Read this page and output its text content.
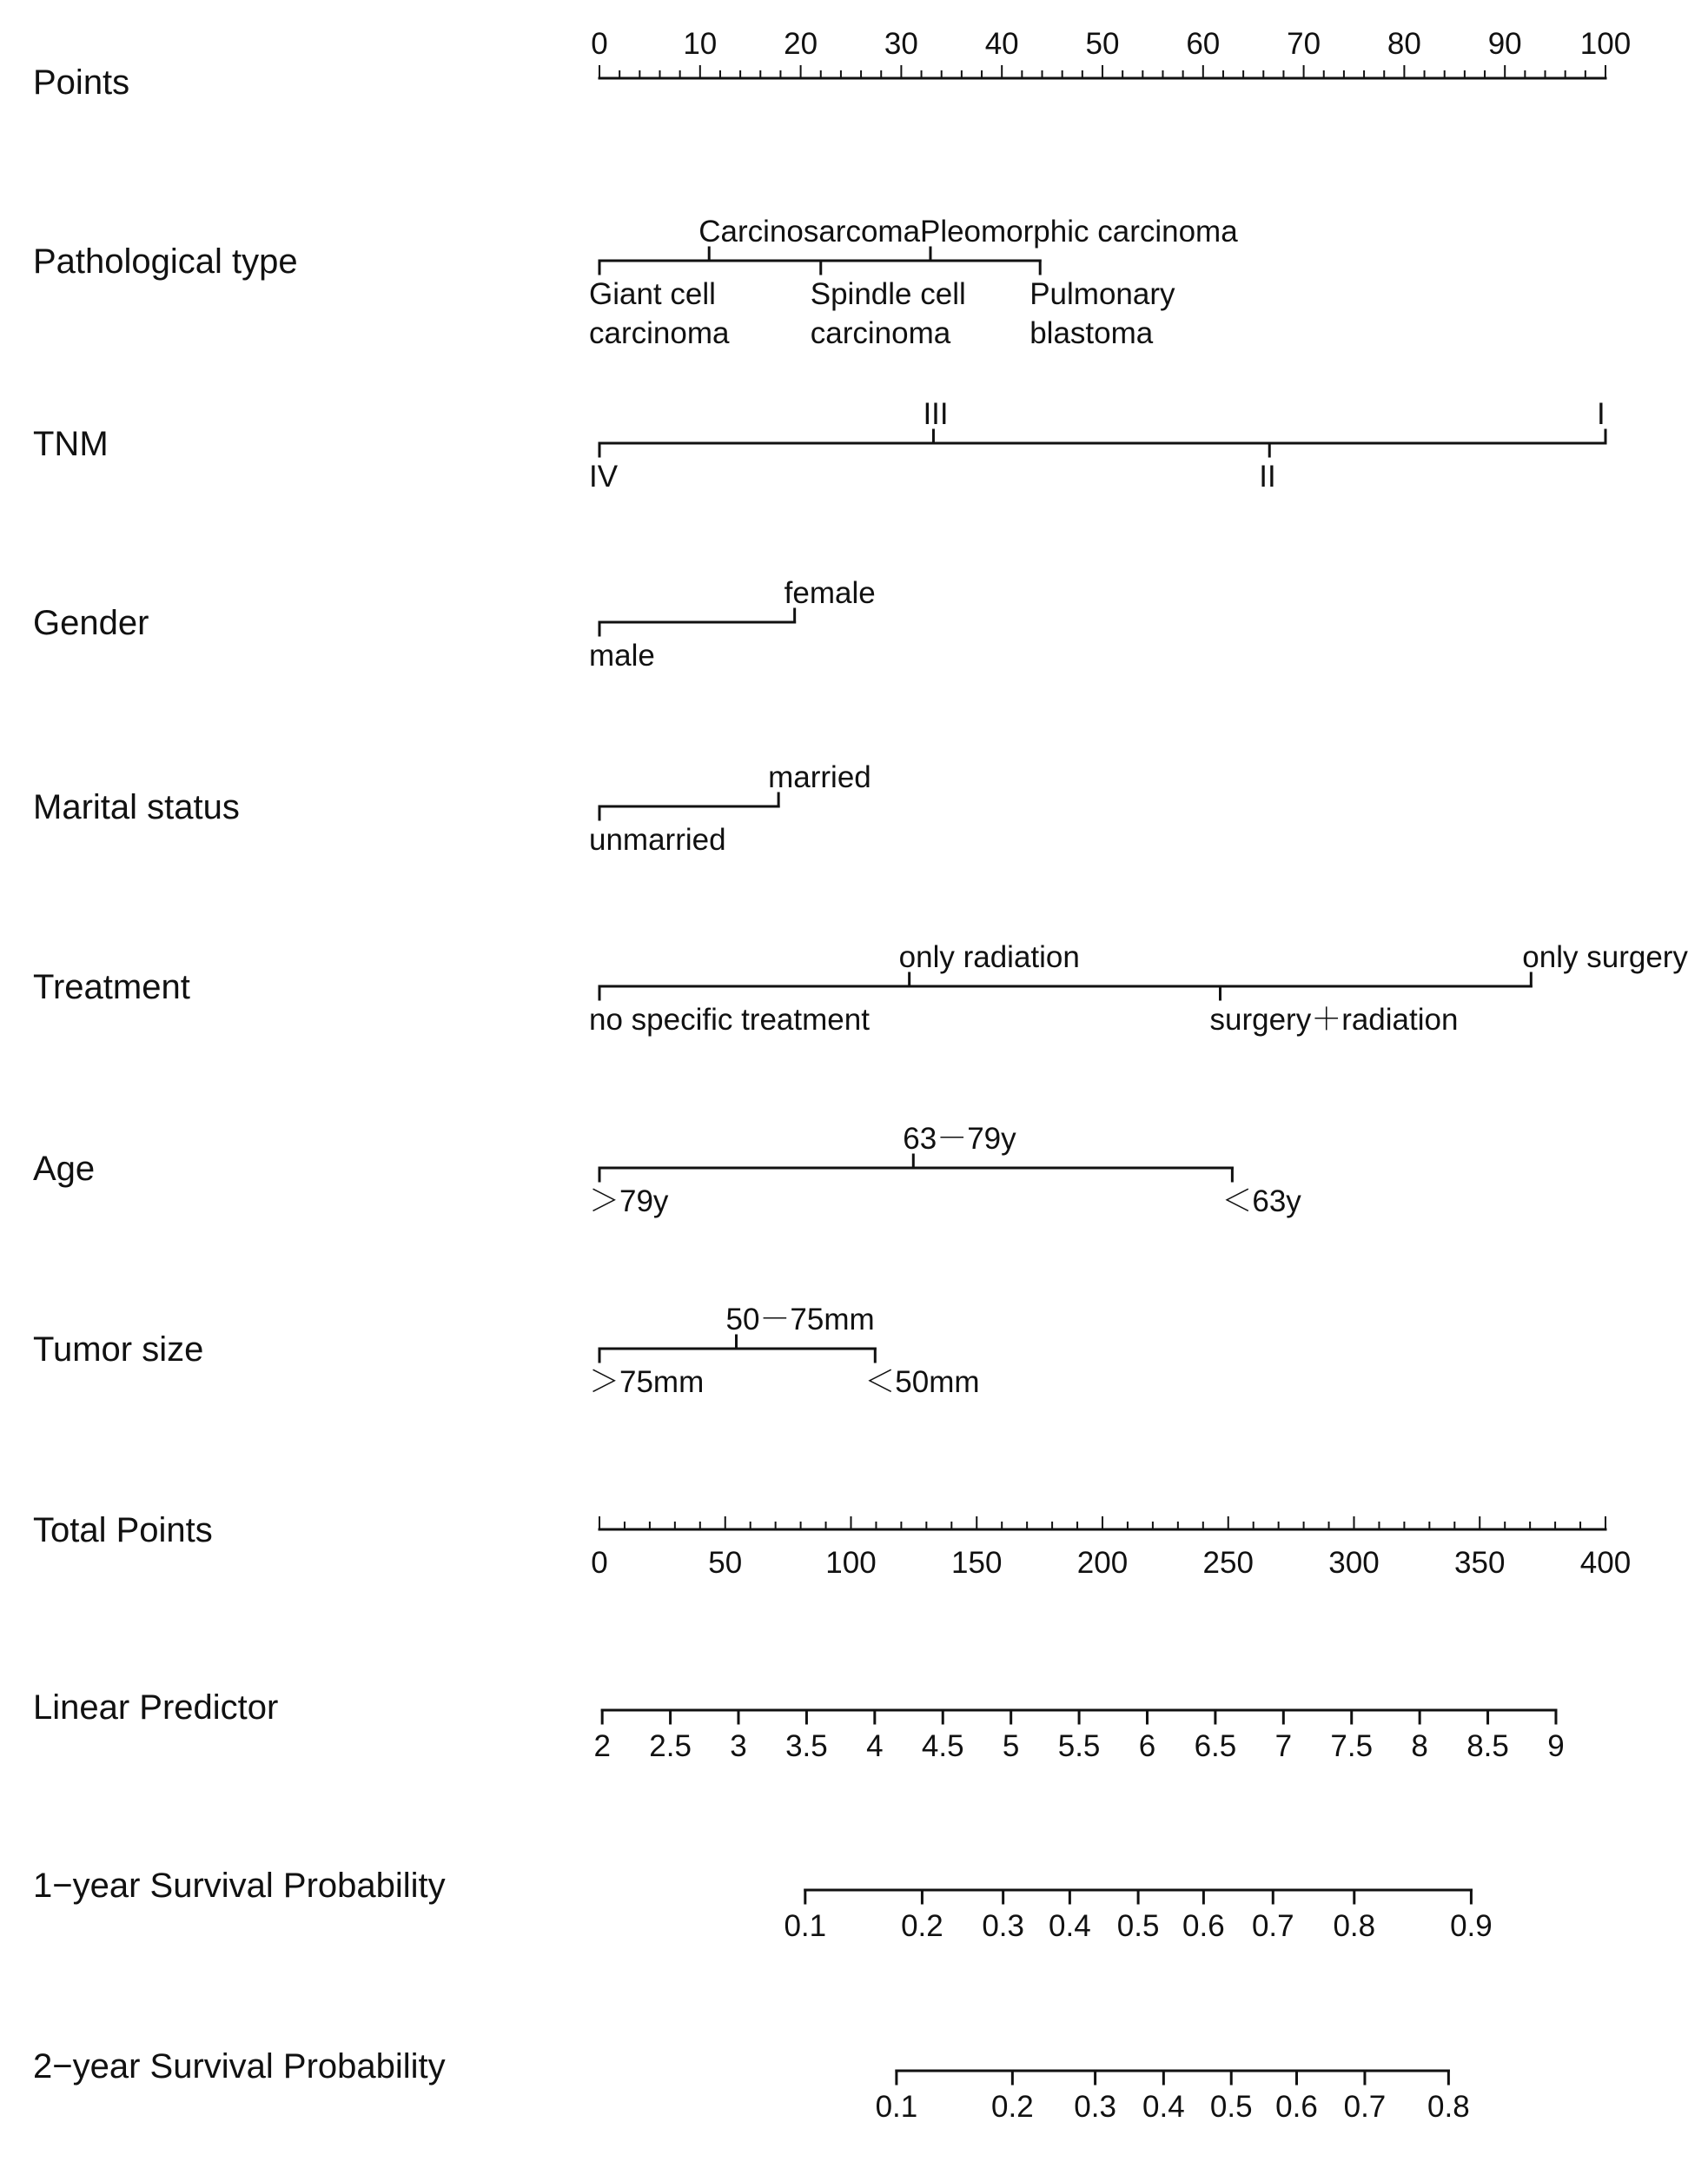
Points
0 10 20 30 40 50 60 70 80 90 100
Pathological type
Giant cell
carcinoma
Carcinosarcoma
Spindle cell
carcinoma
Pleomorphic carcinoma
Pulmonary
blastoma
TNM
IV
III
II
I
Gender
male
female
Marital status
unmarried
married
Treatment
no specific treatment
only radiation
surgery＋radiation
only surgery
Age
＞79y
63－79y
＜63y
Tumor size
＞75mm
50－75mm
＜50mm
Total Points
0	50	100 150 200 250 300 350 400
Linear Predictor
2 2.5 3 3.5 4 4.5 5 5.5 6 6.5 7 7.5 8 8.5 9
1−year Survival Probability
0.1 0.2 0.3 0.4 0.5 0.6 0.7 0.8 0.9
2−year Survival Probability
0.1 0.2 0.3 0.4 0.5 0.6 0.7 0.8
